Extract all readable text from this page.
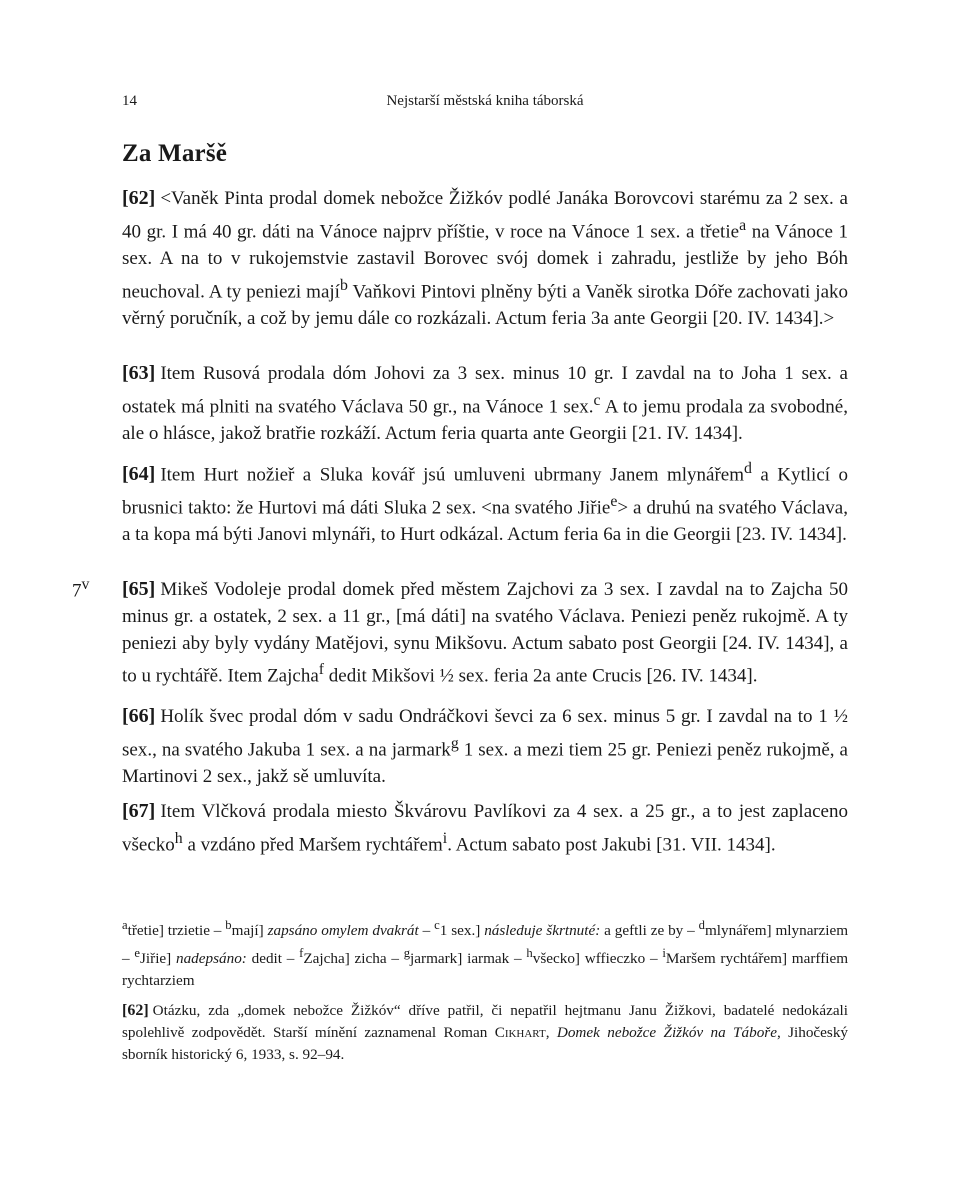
14	Nejstarší městská kniha táborská
Za Maršě
[62] <Vaněk Pinta prodal domek nebožce Žižkóv podlé Janáka Borovcovi starému za 2 sex. a 40 gr. I má 40 gr. dáti na Vánoce najprv příštie, v roce na Vánoce 1 sex. a třetie$^a$ na Vánoce 1 sex. A na to v rukojemstvie zastavil Borovec svój domek i zahradu, jestliže by jeho Bóh neuchoval. A ty peniezi mají$^b$ Vaňkovi Pintovi plněny býti a Vaněk sirotka Dóře zachovati jako věrný poručník, a což by jemu dále co rozkázali. Actum feria 3a ante Georgii [20. IV. 1434].>
[63] Item Rusová prodala dóm Johovi za 3 sex. minus 10 gr. I zavdal na to Joha 1 sex. a ostatek má plniti na svatého Václava 50 gr., na Vánoce 1 sex.$^c$ A to jemu prodala za svobodné, ale o hlásce, jakož bratřie rozkáží. Actum feria quarta ante Georgii [21. IV. 1434].
[64] Item Hurt nožieř a Sluka kovář jsú umluveni ubrmany Janem mlynářem$^d$ a Kytlicí o brusnici takto: že Hurtovi má dáti Sluka 2 sex. <na svatého Jiřie$^e$> a druhú na svatého Václava, a ta kopa má býti Janovi mlynáři, to Hurt odkázal. Actum feria 6a in die Georgii [23. IV. 1434].
7$^v$ [65] Mikeš Vodoleje prodal domek před městem Zajchovi za 3 sex. I zavdal na to Zajcha 50 minus gr. a ostatek, 2 sex. a 11 gr., [má dáti] na svatého Václava. Peniezi peněz rukojmě. A ty peniezi aby byly vydány Matějovi, synu Mikšovu. Actum sabato post Georgii [24. IV. 1434], a to u rychtářě. Item Zajcha$^f$ dedit Mikšovi ½ sex. feria 2a ante Crucis [26. IV. 1434].
[66] Holík švec prodal dóm v sadu Ondráčkovi ševci za 6 sex. minus 5 gr. I zavdal na to 1 ½ sex., na svatého Jakuba 1 sex. a na jarmark$^g$ 1 sex. a mezi tiem 25 gr. Peniezi peněz rukojmě, a Martinovi 2 sex., jakž sě umluvíta.
[67] Item Vlčková prodala miesto Škvárovu Pavlíkovi za 4 sex. a 25 gr., a to jest zaplaceno všecko$^h$ a vzdáno před Maršem rychtářem$^i$. Actum sabato post Jakubi [31. VII. 1434].
$^a$třetie] trzietie – $^b$mají] zapsáno omylem dvakrát – $^c$1 sex.] následuje škrtnuté: a geftli ze by – $^d$mlynářem] mlynarziem – $^e$Jiřie] nadepsáno: dedit – $^f$Zajcha] zicha – $^g$jarmark] iarmak – $^h$všecko] wffieczko – $^i$Maršem rychtářem] marffiem rychtarziem
[62] Otázku, zda „domek nebožce Žižkóv“ dříve patřil, či nepatřil hejtmanu Janu Žižkovi, badatelé nedokázali spolehlivě zodpovědět. Starší mínění zaznamenal Roman Cikhart, Domek nebožce Žižkóv na Táboře, Jihočeský sborník historický 6, 1933, s. 92–94.
